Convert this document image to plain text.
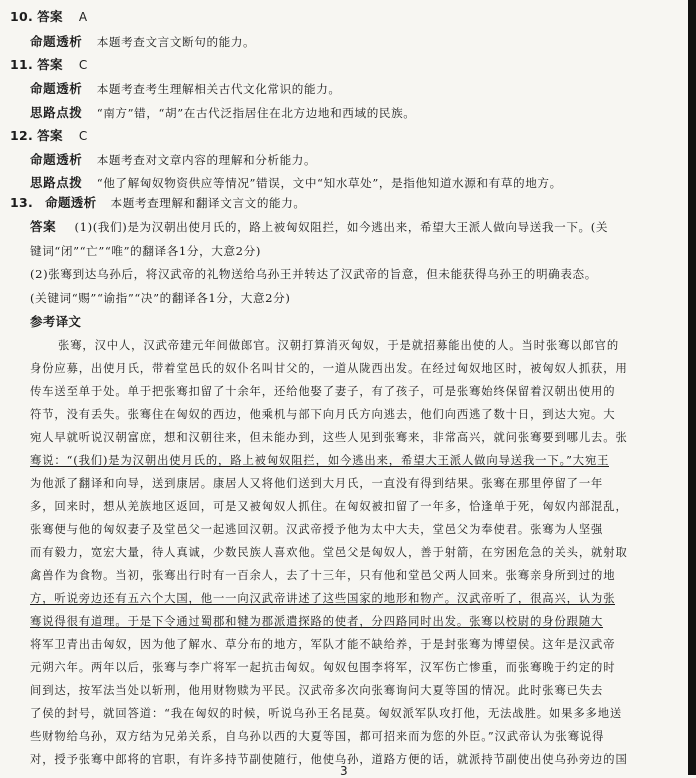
10. 答案 A
命题透析 本题考查文言文断句的能力。
11. 答案 C
命题透析 本题考查考生理解相关古代文化常识的能力。
思路点拨 “南方”错，“胡”在古代泛指居住在北方边地和西域的民族。
12. 答案 C
命题透析 本题考查对文章内容的理解和分析能力。
思路点拨 “他了解匈奴物资供应等情况”错误，文中“知水草处”，是指他知道水源和有草的地方。
13. 命题透析 本题考查理解和翻译文言文的能力。
答案 (1)(我们)是为汉朝出使月氏的，路上被匈奴阻拦，如今逃出来，希望大王派人做向导送我一下。(关
键词“闭”“亡”“唯”的翻译各1分，大意2分)
(2)张骞到达乌孙后，将汉武帝的礼物送给乌孙王并转达了汉武帝的旨意，但未能获得乌孙王的明确表态。
(关键词“赐”“谕指”“决”的翻译各1分，大意2分)
参考译文
张骞，汉中人，汉武帝建元年间做郎官。汉朝打算消灭匈奴，于是就招募能出使的人。当时张骞以郎官的
身份应募，出使月氏，带着堂邑氏的奴仆名叫甘父的，一道从陇西出发。在经过匈奴地区时，被匈奴人抓获，用
传车送至单于处。单于把张骞扣留了十余年，还给他娶了妻子，有了孩子，可是张骞始终保留着汉朝出使用的
符节，没有丢失。张骞住在匈奴的西边，他乘机与部下向月氏方向逃去，他们向西逃了数十日，到达大宛。大
宛人早就听说汉朝富庶，想和汉朝往来，但未能办到，这些人见到张骞来，非常高兴，就问张骞要到哪儿去。张
骞说：“(我们)是为汉朝出使月氏的，路上被匈奴阻拦，如今逃出来，希望大王派人做向导送我一下。”大宛王
为他派了翻译和向导，送到康居。康居人又将他们送到大月氏，一直没有得到结果。张骞在那里停留了一年
多，回来时，想从羌族地区返回，可是又被匈奴人抓住。在匈奴被扣留了一年多，恰逢单于死，匈奴内部混乱，
张骞便与他的匈奴妻子及堂邑父一起逃回汉朝。汉武帝授予他为太中大夫，堂邑父为奉使君。张骞为人坚强
而有毅力，宽宏大量，待人真诚，少数民族人喜欢他。堂邑父是匈奴人，善于射箭，在穷困危急的关头，就射取
禽兽作为食物。当初，张骞出行时有一百余人，去了十三年，只有他和堂邑父两人回来。张骞亲身所到过的地
方，听说旁边还有五六个大国，他一一向汉武帝讲述了这些国家的地形和物产。汉武帝听了，很高兴，认为张
骞说得很有道理。于是下令通过蜀郡和犍为郡派遣探路的使者，分四路同时出发。张骞以校尉的身份跟随大
将军卫青出击匈奴，因为他了解水、草分布的地方，军队才能不缺给养，于是封张骞为博望侯。这年是汉武帝
元朔六年。两年以后，张骞与李广将军一起抗击匈奴。匈奴包围李将军，汉军伤亡惨重，而张骞晚于约定的时
间到达，按军法当处以斩刑，他用财物赎为平民。汉武帝多次向张骞询问大夏等国的情况。此时张骞已失去
了侯的封号，就回答道：“我在匈奴的时候，听说乌孙王名昆莫。匈奴派军队攻打他，无法战胜。如果多多地送
些财物给乌孙，双方结为兄弟关系，自乌孙以西的大夏等国，都可招来而为您的外臣。”汉武帝认为张骞说得
对，授予张骞中郎将的官职，有许多持节副使随行，他使乌孙，道路方便的话，就派持节副使出使乌孙旁边的国
3
